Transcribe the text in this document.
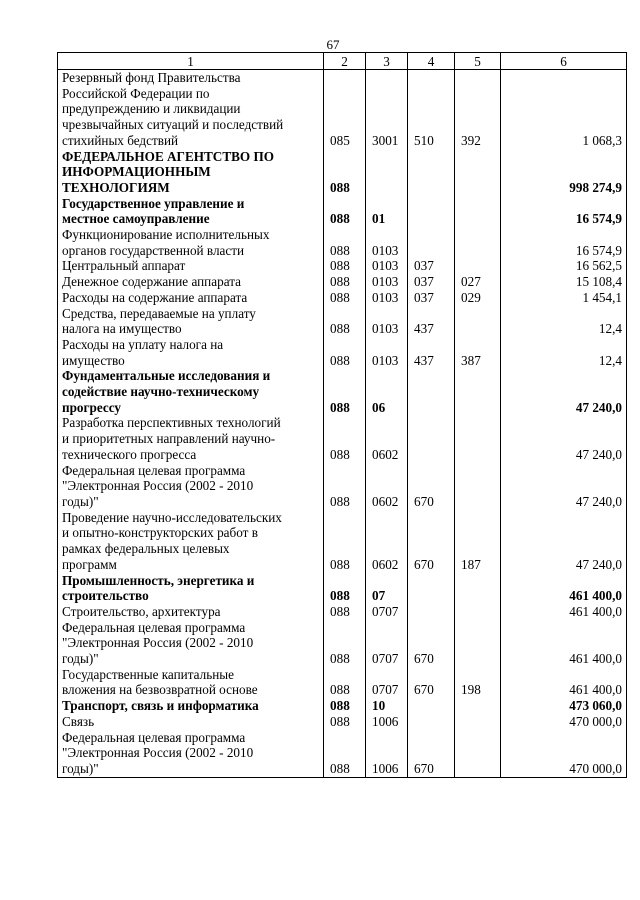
67
1	2	3	4	5	6

Резервный фонд Правительства
Российской Федерации по
предупреждению и ликвидации
чрезвычайных ситуаций и последствий
стихийных бедствий	085	3001	510	392	1 068,3

ФЕДЕРАЛЬНОЕ АГЕНТСТВО ПО
ИНФОРМАЦИОННЫМ
ТЕХНОЛОГИЯМ	088				998 274,9

Государственное управление и
местное самоуправление	088	01			16 574,9

Функционирование исполнительных
органов государственной власти	088	0103			16 574,9

Центральный аппарат	088	0103	037		16 562,5

Денежное содержание аппарата	088	0103	037	027	15 108,4

Расходы на содержание аппарата	088	0103	037	029	1 454,1

Средства, передаваемые на уплату
налога на имущество	088	0103	437		12,4

Расходы на уплату налога на
имущество	088	0103	437	387	12,4

Фундаментальные исследования и
содействие научно-техническому
прогрессу	088	06			47 240,0

Разработка перспективных технологий
и приоритетных направлений научно-
технического прогресса	088	0602			47 240,0

Федеральная целевая программа
"Электронная Россия (2002 - 2010
годы)"	088	0602	670		47 240,0

Проведение научно-исследовательских
и опытно-конструкторских работ в
рамках федеральных целевых
программ	088	0602	670	187	47 240,0

Промышленность, энергетика и
строительство	088	07			461 400,0

Строительство, архитектура	088	0707			461 400,0

Федеральная целевая программа
"Электронная Россия (2002 - 2010
годы)"	088	0707	670		461 400,0

Государственные капитальные
вложения на безвозвратной основе	088	0707	670	198	461 400,0

Транспорт, связь и информатика	088	10			473 060,0

Связь	088	1006			470 000,0

Федеральная целевая программа
"Электронная Россия (2002 - 2010
годы)"	088	1006	670		470 000,0
